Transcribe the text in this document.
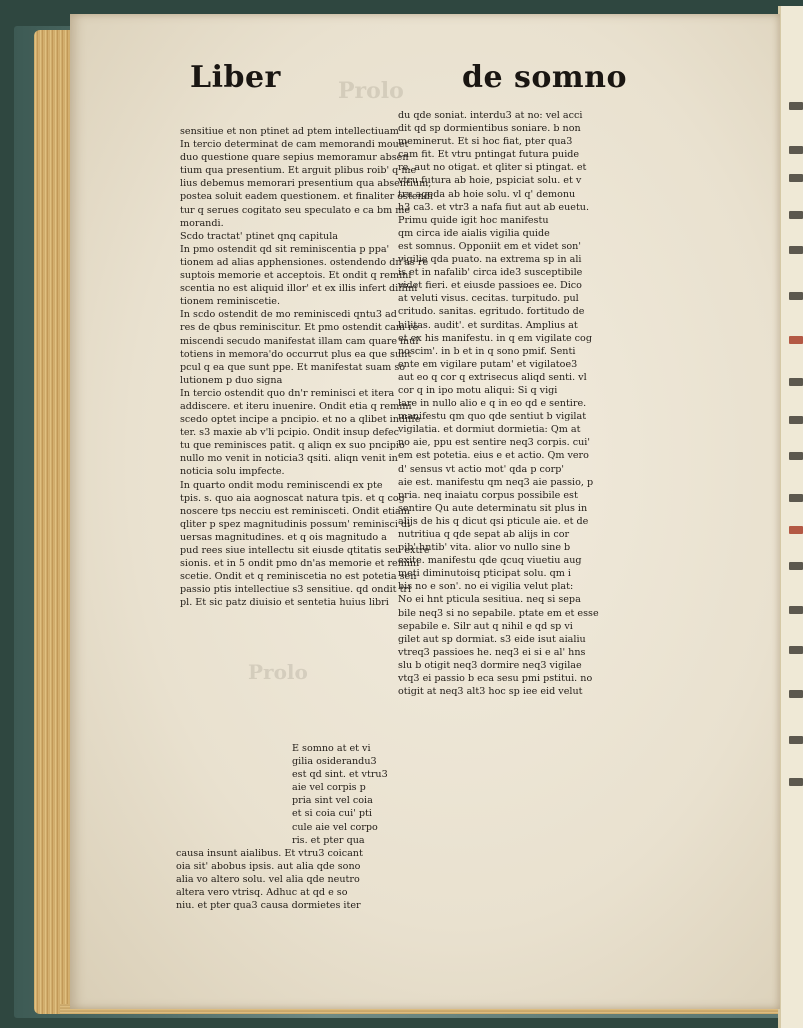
Prolo
Prolo
Liber	de somno
sensitiue et non ptinet ad ptem intellectiuam
In tercio determinat de cam memorandi mouet
duo questione quare sepius memoramur absen
tium qua presentium. Et arguit plibus roib' q me
lius debemus memorari presentium qua absentium,
postea soluit eadem questionem. et finaliter ostendi
tur q serues cogitato seu speculato e ca bm me
morandi.
Scdo tractat' ptinet qnq capitula
In pmo ostendit qd sit reminiscentia p ppa'
tionem ad alias apphensiones. ostendendo dn'as re
suptois memorie et acceptois. Et ondit q remini
scentia no est aliquid illor' et ex illis infert diffini
tionem reminiscetie.
In scdo ostendit de mo reminiscedi qntu3 ad
res de qbus reminiscitur. Et pmo ostendit cam re
miscendi secudo manifestat illam cam quare mul
totiens in memora'do occurrut plus ea que sunt
pcul q ea que sunt ppe. Et manifestat suam so
lutionem p duo signa
In tercio ostendit quo dn'r reminisci et itera
addiscere. et iteru inuenire. Ondit etia q remini
scedo optet incipe a pncipio. et no a qlibet indiffe
ter. s3 maxie ab v'li pcipio. Ondit insup defec
tu que reminisces patit. q aliqn ex suo pncipio
nullo mo venit in noticia3 qsiti. aliqn venit in
noticia solu impfecte.
In quarto ondit modu reminiscendi ex pte
tpis. s. quo aia aognoscat natura tpis. et q cog
noscere tps necciu est reminisceti. Ondit etiam
qliter p spez magnitudinis possum' reminisci di
uersas magnitudines. et q ois magnitudo a
pud rees siue intellectu sit eiusde qtitatis seu extre
sionis. et in 5 ondit pmo dn'as memorie et remini
scetie. Ondit et q reminiscetia no est potetia sen
passio ptis intellectiue s3 sensitiue. qd ondit tri
pl. Et sic patz diuisio et sentetia huius libri
E somno at et vi
gilia osiderandu3
est qd sint. et vtru3
aie vel corpis p
pria sint vel coia
et si coia cui' pti
cule aie vel corpo
ris. et pter qua
causa insunt aialibus. Et vtru3 coicant
oia sit' abobus ipsis. aut alia qde sono
alia vo altero solu. vel alia qde neutro
altera vero vtrisq. Adhuc at qd e so
niu. et pter qua3 causa dormietes iter
du qde soniat. interdu3 at no: vel acci
dit qd sp dormientibus soniare. b non
meminerut. Et si hoc fiat, pter qua3
cam fit. Et vtru pntingat futura puide
re. aut no otigat. et qliter si ptingat. et
vtru futura ab hoie, pspiciat solu. et v
tru ageda ab hoie solu. vl q' demonu
h3 ca3. et vtr3 a nafa fiut aut ab euetu.
Primu quide igit hoc manifestu
qm circa ide aialis vigilia quide
est somnus. Opponiit em et videt son'
vigilie qda puato. na extrema sp in ali
is et in nafalib' circa ide3 susceptibile
videt fieri. et eiusde passioes ee. Dico
at veluti visus. cecitas. turpitudo. pul
critudo. sanitas. egritudo. fortitudo de
bilitas. audit'. et surditas. Amplius at
et ex his manifestu. in q em vigilate cog
noscim'. in b et in q sono pmif. Senti
ente em vigilare putam' et vigilatoe3
aut eo q cor q extrisecus aliqd senti. vl
cor q in ipo motu aliqui: Si q vigi
lare in nullo alio e q in eo qd e sentire.
manifestu qm quo qde sentiut b vigilat
vigilatia. et dormiut dormietia: Qm at
no aie, ppu est sentire neq3 corpis. cui'
em est potetia. eius e et actio. Qm vero
d' sensus vt actio mot' qda p corp'
aie est. manifestu qm neq3 aie passio, p
pria. neq inaiatu corpus possibile est
sentire Qu aute determinatu sit plus in
alijs de his q dicut qsi pticule aie. et de
nutritiua q qde sepat ab alijs in cor
pib' hntib' vita. alior vo nullo sine b
exite. manifestu qde qcuq viuetiu aug
meti diminutoisq pticipat solu. qm i
bis no e son'. no ei vigilia velut plat:
No ei hnt pticula sesitiua. neq si sepa
bile neq3 si no sepabile. ptate em et esse
sepabile e. Silr aut q nihil e qd sp vi
gilet aut sp dormiat. s3 eide isut aialiu
vtreq3 passioes he. neq3 ei si e al' hns
slu b otigit neq3 dormire neq3 vigilae
vtq3 ei passio b eca sesu pmi pstitui. no
otigit at neq3 alt3 hoc sp iee eid velut
